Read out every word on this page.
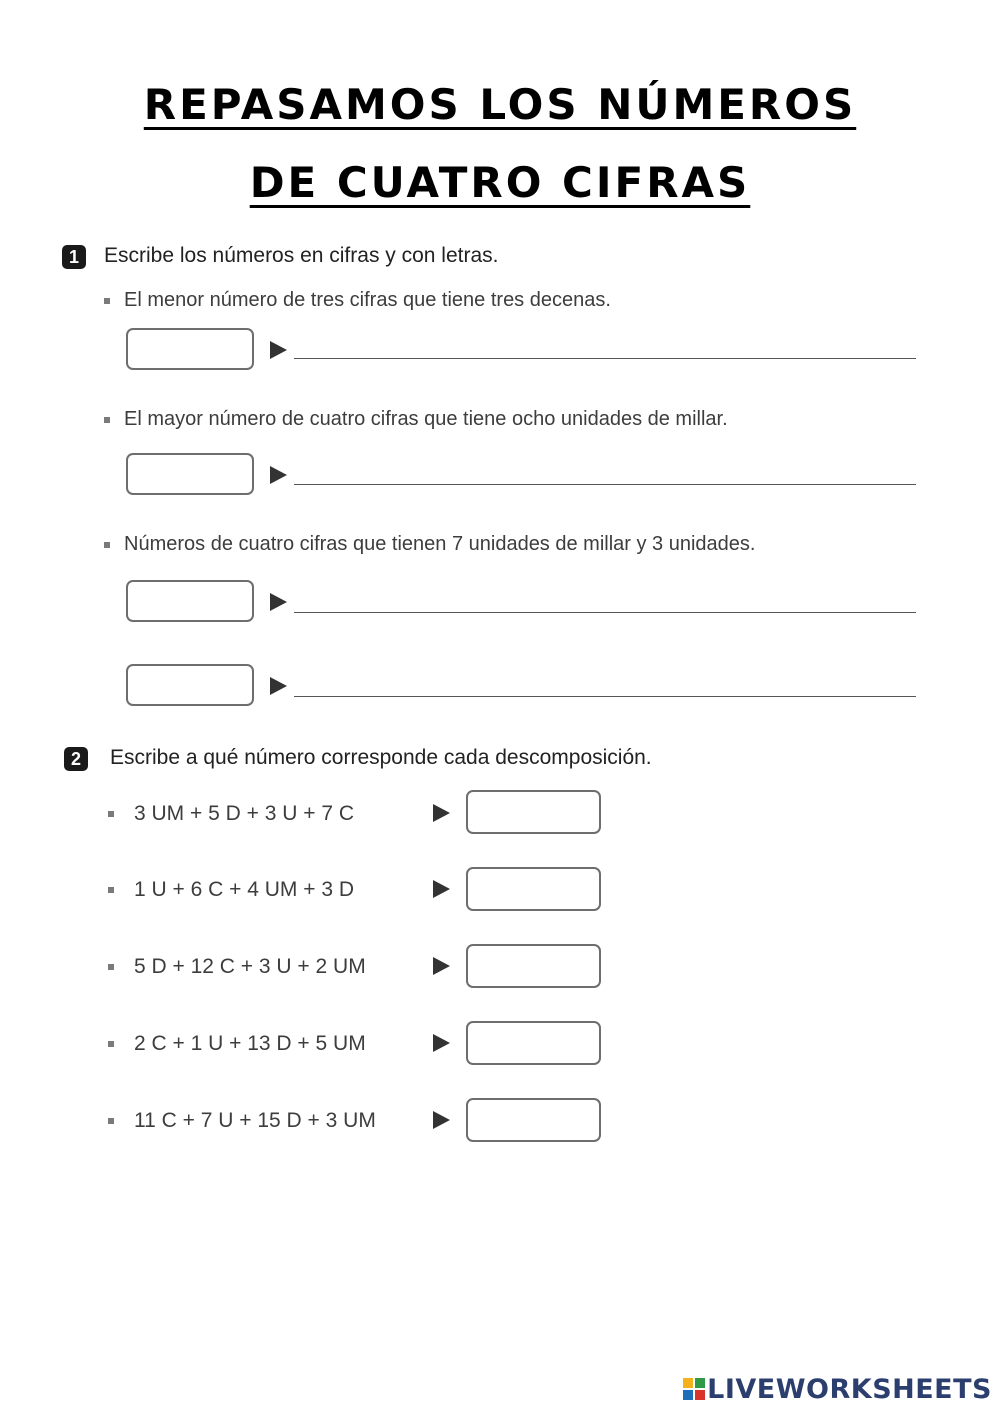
REPASAMOS LOS NÚMEROS
DE CUATRO CIFRAS
1	Escribe los números en cifras y con letras.
El menor número de tres cifras que tiene tres decenas.
El mayor número de cuatro cifras que tiene ocho unidades de millar.
Números de cuatro cifras que tienen 7 unidades de millar y 3 unidades.
2	Escribe a qué número corresponde cada descomposición.
3 UM + 5 D + 3 U + 7 C
1 U + 6 C + 4 UM + 3 D
5 D + 12 C + 3 U + 2 UM
2 C + 1 U + 13 D + 5 UM
11 C + 7 U + 15 D + 3 UM
LIVEWORKSHEETS
